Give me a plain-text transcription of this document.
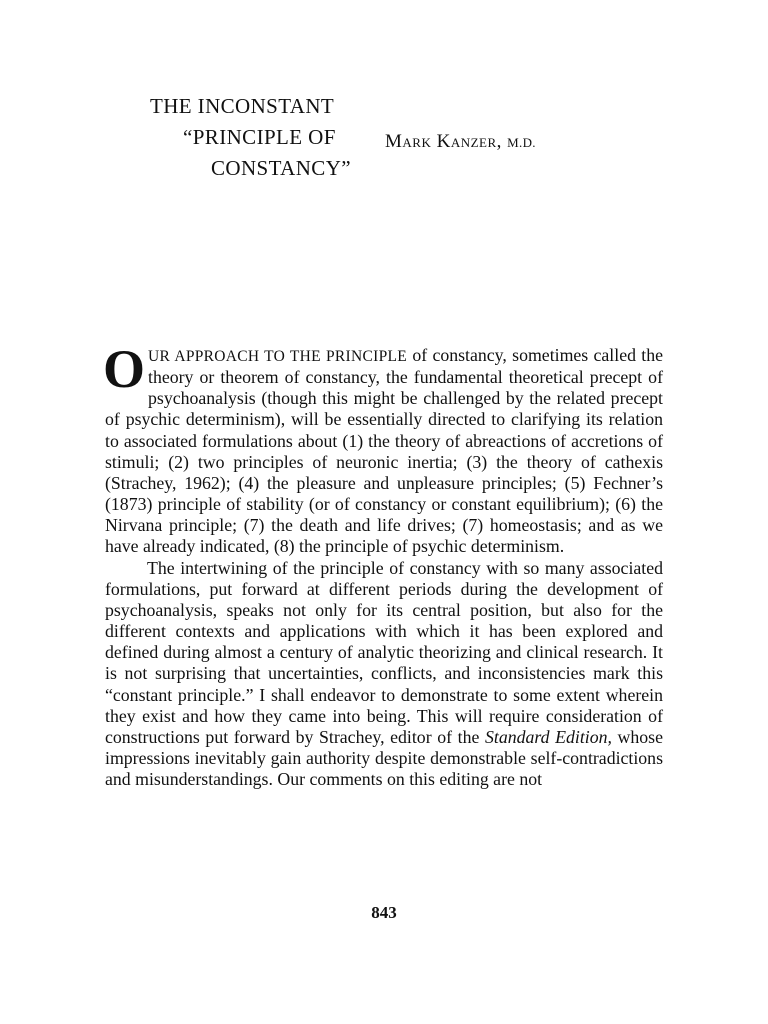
THE INCONSTANT
“PRINCIPLE OF
CONSTANCY”
Mark Kanzer, M.D.

OUR APPROACH TO THE PRINCIPLE of constancy, sometimes called the theory or theorem of constancy, the fundamental theoretical precept of psychoanalysis (though this might be challenged by the related precept of psychic determinism), will be essentially directed to clarifying its relation to associated formulations about (1) the theory of abreactions of accretions of stimuli; (2) two principles of neuronic inertia; (3) the theory of cathexis (Strachey, 1962); (4) the pleasure and unpleasure principles; (5) Fechner’s (1873) principle of stability (or of constancy or constant equilibrium); (6) the Nirvana principle; (7) the death and life drives; (7) homeostasis; and as we have already indicated, (8) the principle of psychic determinism.

The intertwining of the principle of constancy with so many associated formulations, put forward at different periods during the development of psychoanalysis, speaks not only for its central position, but also for the different contexts and applications with which it has been explored and defined during almost a century of analytic theorizing and clinical research. It is not surprising that uncertainties, conflicts, and inconsistencies mark this “constant principle.” I shall endeavor to demonstrate to some extent wherein they exist and how they came into being. This will require consideration of constructions put forward by Strachey, editor of the Standard Edition, whose impressions inevitably gain authority despite demonstrable self-contradictions and misunderstandings. Our comments on this editing are not

843
